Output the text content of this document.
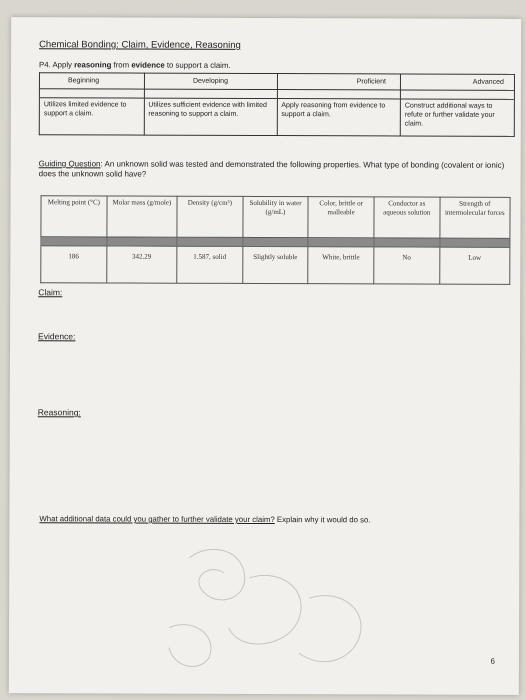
Chemical Bonding: Claim, Evidence, Reasoning
P4. Apply reasoning from evidence to support a claim.
Beginning	Developing	Proficient	Advanced

Utilizes limited evidence to support a claim.	Utilizes sufficient evidence with limited reasoning to support a claim.	Apply reasoning from evidence to support a claim.	Construct additional ways to refute or further validate your claim.
Guiding Question: An unknown solid was tested and demonstrated the following properties. What type of bonding (covalent or ionic) does the unknown solid have?
Melting point (°C)	Molar mass (g/mole)	Density (g/cm³)	Solubility in water (g/mL)	Color, brittle or malleable	Conductor as aqueous solution	Strength of intermolecular forces

186	342.29	1.587, solid	Slightly soluble	White, brittle	No	Low
Claim:
Evidence:
Reasoning:
What additional data could you gather to further validate your claim? Explain why it would do so.
6
